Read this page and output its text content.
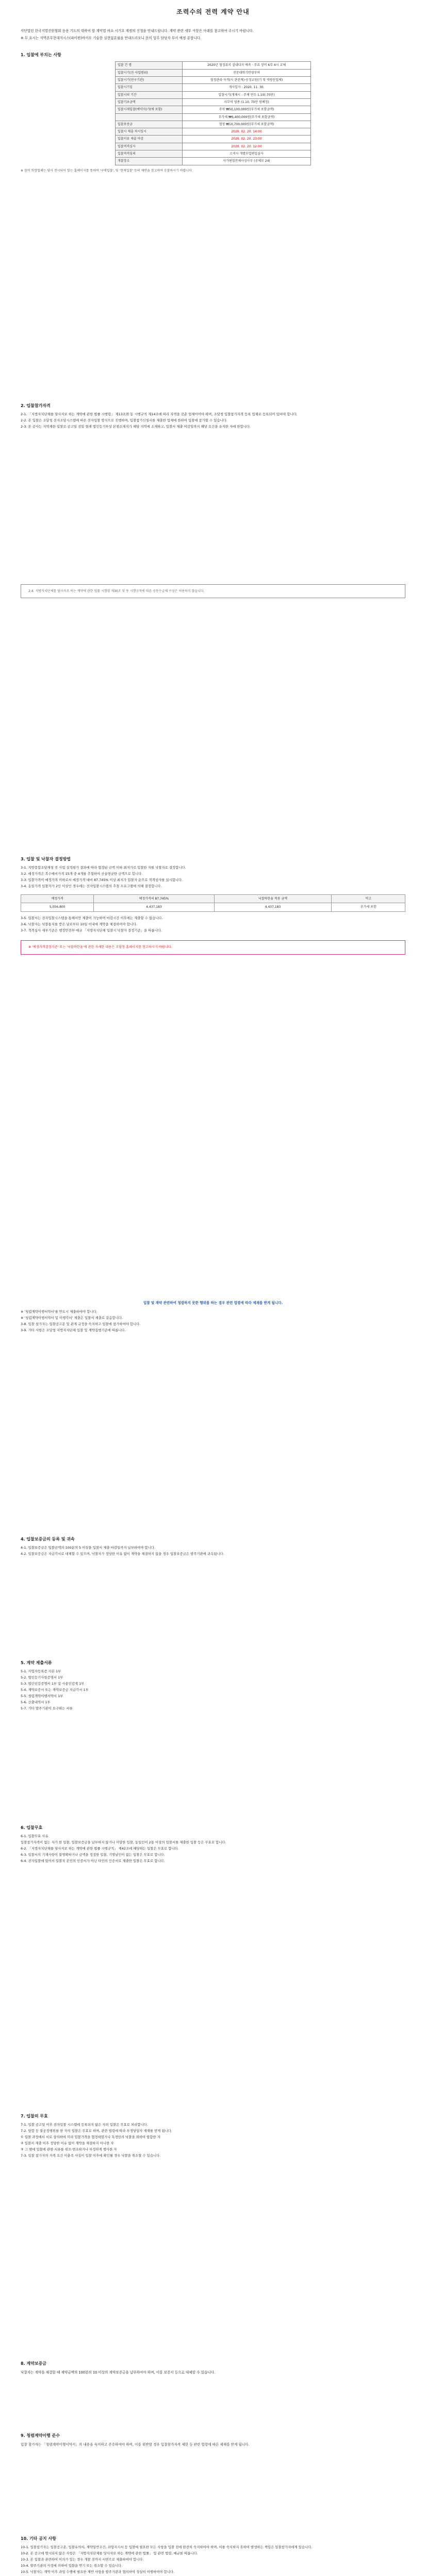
조력수의 전력 계약 안내
사단법인 한국지열전원협회 응용 기도의 대하여 합 계약법 여쇼 시거요 계정의 신청을 안내드립니다. 계약 관련 세부 사항은 아래를 참고하여 주시기 바랍니다.
※ 무 표시는 지역본부현대지시스(파이편)바이오 기술한 실현없분월을 안내드리오니 문의 업무 담당자 부서 예정 분합니다.
1. 입찰에 부치는 사항
입찰 건 명	2020년 협정유지 실내디지 예측 · 주요 장비 6부 4시 교체
입찰시기(진 사업범위)	전문대학기반영부여
입찰시기(연구기관)	협정관리·자격(사 관련계)·공정교원(기 및 역량산업체)
입찰시기일	개시일자 : 2020. 11. 30.
입찰시의 기간	입찰시기(개제시 : 주제 연두 1.10(-70만)
입찰기초금액	사무역 영종 (1.10, 70만 원예정)
입찰시재입찰(예약자)가(에 포함)	주차 ₩50,100,000원(부가세 포함금액)
	부가세 ₩6,400,000원(부가세 포함금액)
입찰보증금	협정 ₩10,700,000원(부가세 포함금액)
입찰시 제출 차시일시	2020. 02. 20. 14:00
입찰서류 제출 마감	2020. 02. 20. 23:00
입찰적격심사	2020. 02. 20. 12:00
입찰적격심의	소역사 개별부업편입심사
개찰장소	사가편협전체사성사부 (공체로 24)
※ 참여 희망업체는 당사 전시되어 있는 홈페이지를 통하여 '구매입찰', 및 '현재입찰' 등의 제반을 참고하여 응찰하시기 바랍니다.
2. 입찰참가자격
2-1. 「지방자치단체를 당사자로 하는 계약에 관한 법률 시행령」 제13조와 동 시행규칙 제14조에 따라 자격을 갖춘 업체이어야 하며, 조달청 입찰참가자격 등록 업체로 등록되어 있어야 합니다.
2-2. 본 입찰은 조달청 전자조달시스템에 따른 전자입찰 방식으로 진행하며, 입찰참가신청서를 제출한 업체에 한하여 입찰에 참가할 수 있습니다.
2-3. 본 공사는 지역제한 입찰로 공고일 전일 현재 법인등기부상 본점소재지가 해당 지역에 소재하고, 입찰서 제출 마감일까지 해당 요건을 유지한 자에 한합니다.
2-4. 지방자치단체를 당사자로 하는 계약에 관한 법률 시행령 제30조 및 동 시행규칙에 따른 공동수급체 구성은 허용하지 않습니다.
3. 입찰 및 낙찰자 결정방법
3-1. 지방종합조달재청 전 사업 실적평가 결과에 따라 협정된 금액 이하 최저가로 입찰한 자를 낙찰자로 결정합니다.
3-2. 예정가격은 복수예비가격 15개 중 4개를 추첨하여 산술평균한 금액으로 합니다.
3-3. 입찰가격이 예정가격 이하로서 예정가격 대비 87.745% 이상 최저가 입찰자 순으로 적격심사를 실시합니다.
3-4. 동일가격 입찰자가 2인 이상인 경우에는 전자입찰시스템의 추첨 프로그램에 의해 결정합니다.
예정가격	예정가격의 87.745%	낙찰하한율 적용 금액	비고
5,056,800	4,437,183	4,437,183	부가세 포함
3-5. 입찰서는 전자입찰시스템을 통해서만 제출이 가능하며 마감시간 이후에는 제출할 수 없습니다.
3-6. 낙찰자는 낙찰통지를 받은 날로부터 10일 이내에 계약을 체결하여야 합니다.
3-7. 적격심사 세부기준은 행정안전부 예규 「지방자치단체 입찰시 낙찰자 결정기준」을 따릅니다.
※ '예정가격결정기준' 또는 '낙찰하한율'에 관한 자세한 내용은 조달청 홈페이지를 참고하시기 바랍니다.
입찰 및 계약 관련하여 청렴하지 못한 행위를 하는 경우 관련 법령에 따라 제재를 받게 됩니다.
※ '청렴계약이행서약서'를 반드시 제출하여야 합니다.
※ '청렴계약이행서약서 및 이행각서' 제출은 입찰서 제출로 갈음합니다.
3-8. 입찰 참가자는 입찰공고문 및 관계 규정을 숙지하고 입찰에 참가하여야 합니다.
3-9. 기타 사항은 조달청 지방자치단체 입찰 및 계약집행기준에 따릅니다.
4. 입찰보증금의 등록 및 귀속
4-1. 입찰보증금은 입찰금액의 100분의 5 이상을 입찰서 제출 마감일까지 납부하여야 합니다.
4-2. 입찰보증금은 지급각서로 대체할 수 있으며, 낙찰자가 정당한 이유 없이 계약을 체결하지 않을 경우 입찰보증금은 발주기관에 귀속됩니다.
5. 계약 제출서류
5-1. 사업자등록증 사본 1부
5-2. 법인등기사항증명서 1부
5-3. 법인인감증명서 1부 및 사용인감계 1부
5-4. 계약보증서 또는 계약보증금 지급각서 1부
5-5. 청렴계약이행서약서 1부
5-6. 산출내역서 1부
5-7. 기타 발주기관이 요구하는 서류
6. 입찰무효
6-1. 입찰무효 사유
입찰참가자격이 없는 자가 한 입찰, 입찰보증금을 납부하지 않거나 미달한 입찰, 동일인이 2통 이상의 입찰서를 제출한 입찰 등은 무효로 합니다.
6-2. 「지방자치단체를 당사자로 하는 계약에 관한 법률 시행규칙」 제42조에 해당하는 입찰은 무효로 합니다.
6-3. 입찰서의 기재사항이 불명확하거나 금액을 정정한 입찰, 기명날인이 없는 입찰은 무효로 합니다.
6-4. 전자입찰에 있어서 입찰자 본인의 인증서가 아닌 타인의 인증서로 제출한 입찰은 무효로 합니다.
7. 입찰의 무효
7-1. 입찰 공고일 이후 전자입찰 시스템에 등록되지 않은 자의 입찰은 무효로 처리합니다.
7-2. 담합 등 불공정행위를 한 자의 입찰은 무효로 하며, 관련 법령에 따라 부정당업자 제재를 받게 됩니다.
① 입찰 과정에서 서로 상의하여 미리 입찰가격을 협정하였거나 특정인의 낙찰을 위하여 담합한 자
② 입찰서 제출 이후 정당한 이유 없이 계약을 체결하지 아니한 자
③ 그 밖에 입찰에 관한 서류를 위조·변조하거나 부정하게 행사한 자
7-3. 입찰 참가자의 자격 요건 미충족 사실이 입찰 이후에 확인될 경우 낙찰을 취소할 수 있습니다.
8. 계약보증금
낙찰자는 계약을 체결할 때 계약금액의 100분의 10 이상의 계약보증금을 납부하여야 하며, 이를 보증서 등으로 대체할 수 있습니다.
9. 청렴계약이행 준수
입찰 참가자는 「청렴계약이행서약서」의 내용을 숙지하고 준수하여야 하며, 이를 위반할 경우 입찰참가자격 제한 등 관련 법령에 따른 제재를 받게 됩니다.
10. 기타 공지 사항
10-1. 입찰참가자는 입찰공고문, 입찰유의서, 계약일반조건, 과업지시서 등 입찰에 필요한 모든 사항을 입찰 전에 완전히 숙지하여야 하며, 이를 숙지하지 못하여 발생하는 책임은 입찰참가자에게 있습니다.
10-2. 본 공고에 명시되지 않은 사항은 「지방자치단체를 당사자로 하는 계약에 관한 법률」 및 관련 법령, 예규를 따릅니다.
10-3. 본 입찰과 관련하여 이의가 있는 경우 개찰 전까지 서면으로 제출하여야 합니다.
10-4. 발주기관의 사정에 의하여 입찰을 연기 또는 취소할 수 있습니다.
10-5. 낙찰자는 계약 이후 과업 수행에 필요한 제반 사항을 발주기관과 협의하여 성실히 이행하여야 합니다.
